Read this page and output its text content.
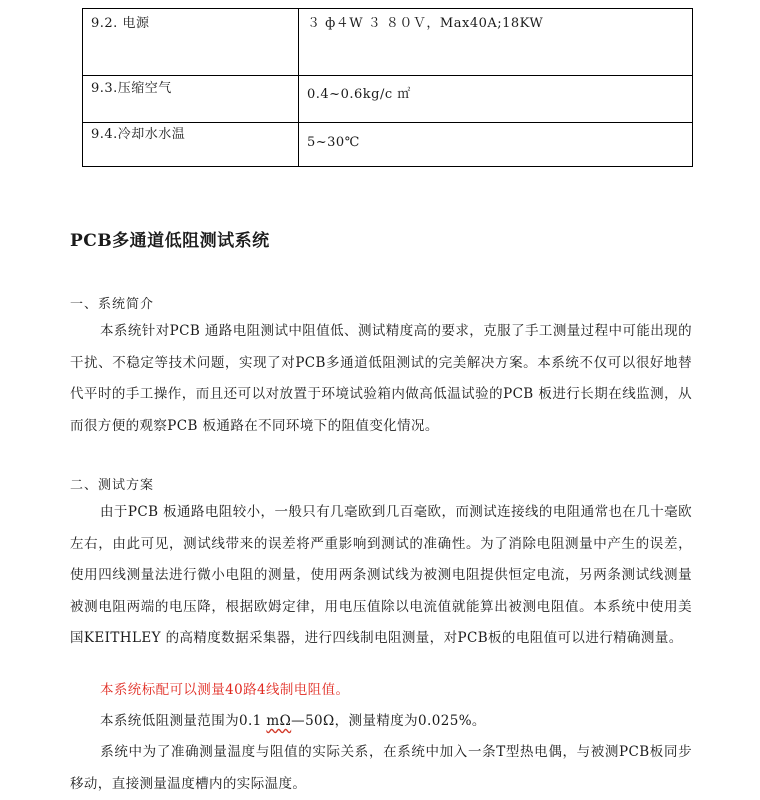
9.2. 电源	３ ф４W ３ ８０Ｖ，Max40A;18KW
9.3.压缩空气	0.4~0.6kg/c ㎡

9.4.冷却水水温	5~30℃
PCB多通道低阻测试系统
一、系统简介

本系统针对PCB 通路电阻测试中阻值低、测试精度高的要求，克服了手工测量过程中可能出现的干扰、不稳定等技术问题，实现了对PCB多通道低阻测试的完美解决方案。本系统不仅可以很好地替代平时的手工操作，而且还可以对放置于环境试验箱内做高低温试验的PCB 板进行长期在线监测，从而很方便的观察PCB 板通路在不同环境下的阻值变化情况。

二、测试方案

由于PCB 板通路电阻较小，一般只有几毫欧到几百毫欧，而测试连接线的电阻通常也在几十毫欧左右，由此可见，测试线带来的误差将严重影响到测试的准确性。为了消除电阻测量中产生的误差，使用四线测量法进行微小电阻的测量，使用两条测试线为被测电阻提供恒定电流，另两条测试线测量被测电阻两端的电压降，根据欧姆定律，用电压值除以电流值就能算出被测电阻值。本系统中使用美国KEITHLEY 的高精度数据采集器，进行四线制电阻测量，对PCB板的电阻值可以进行精确测量。

本系统标配可以测量40路4线制电阻值。

本系统低阻测量范围为0.1 mΩ—50Ω，测量精度为0.025%。

系统中为了准确测量温度与阻值的实际关系，在系统中加入一条T型热电偶，与被测PCB板同步移动，直接测量温度槽内的实际温度。
